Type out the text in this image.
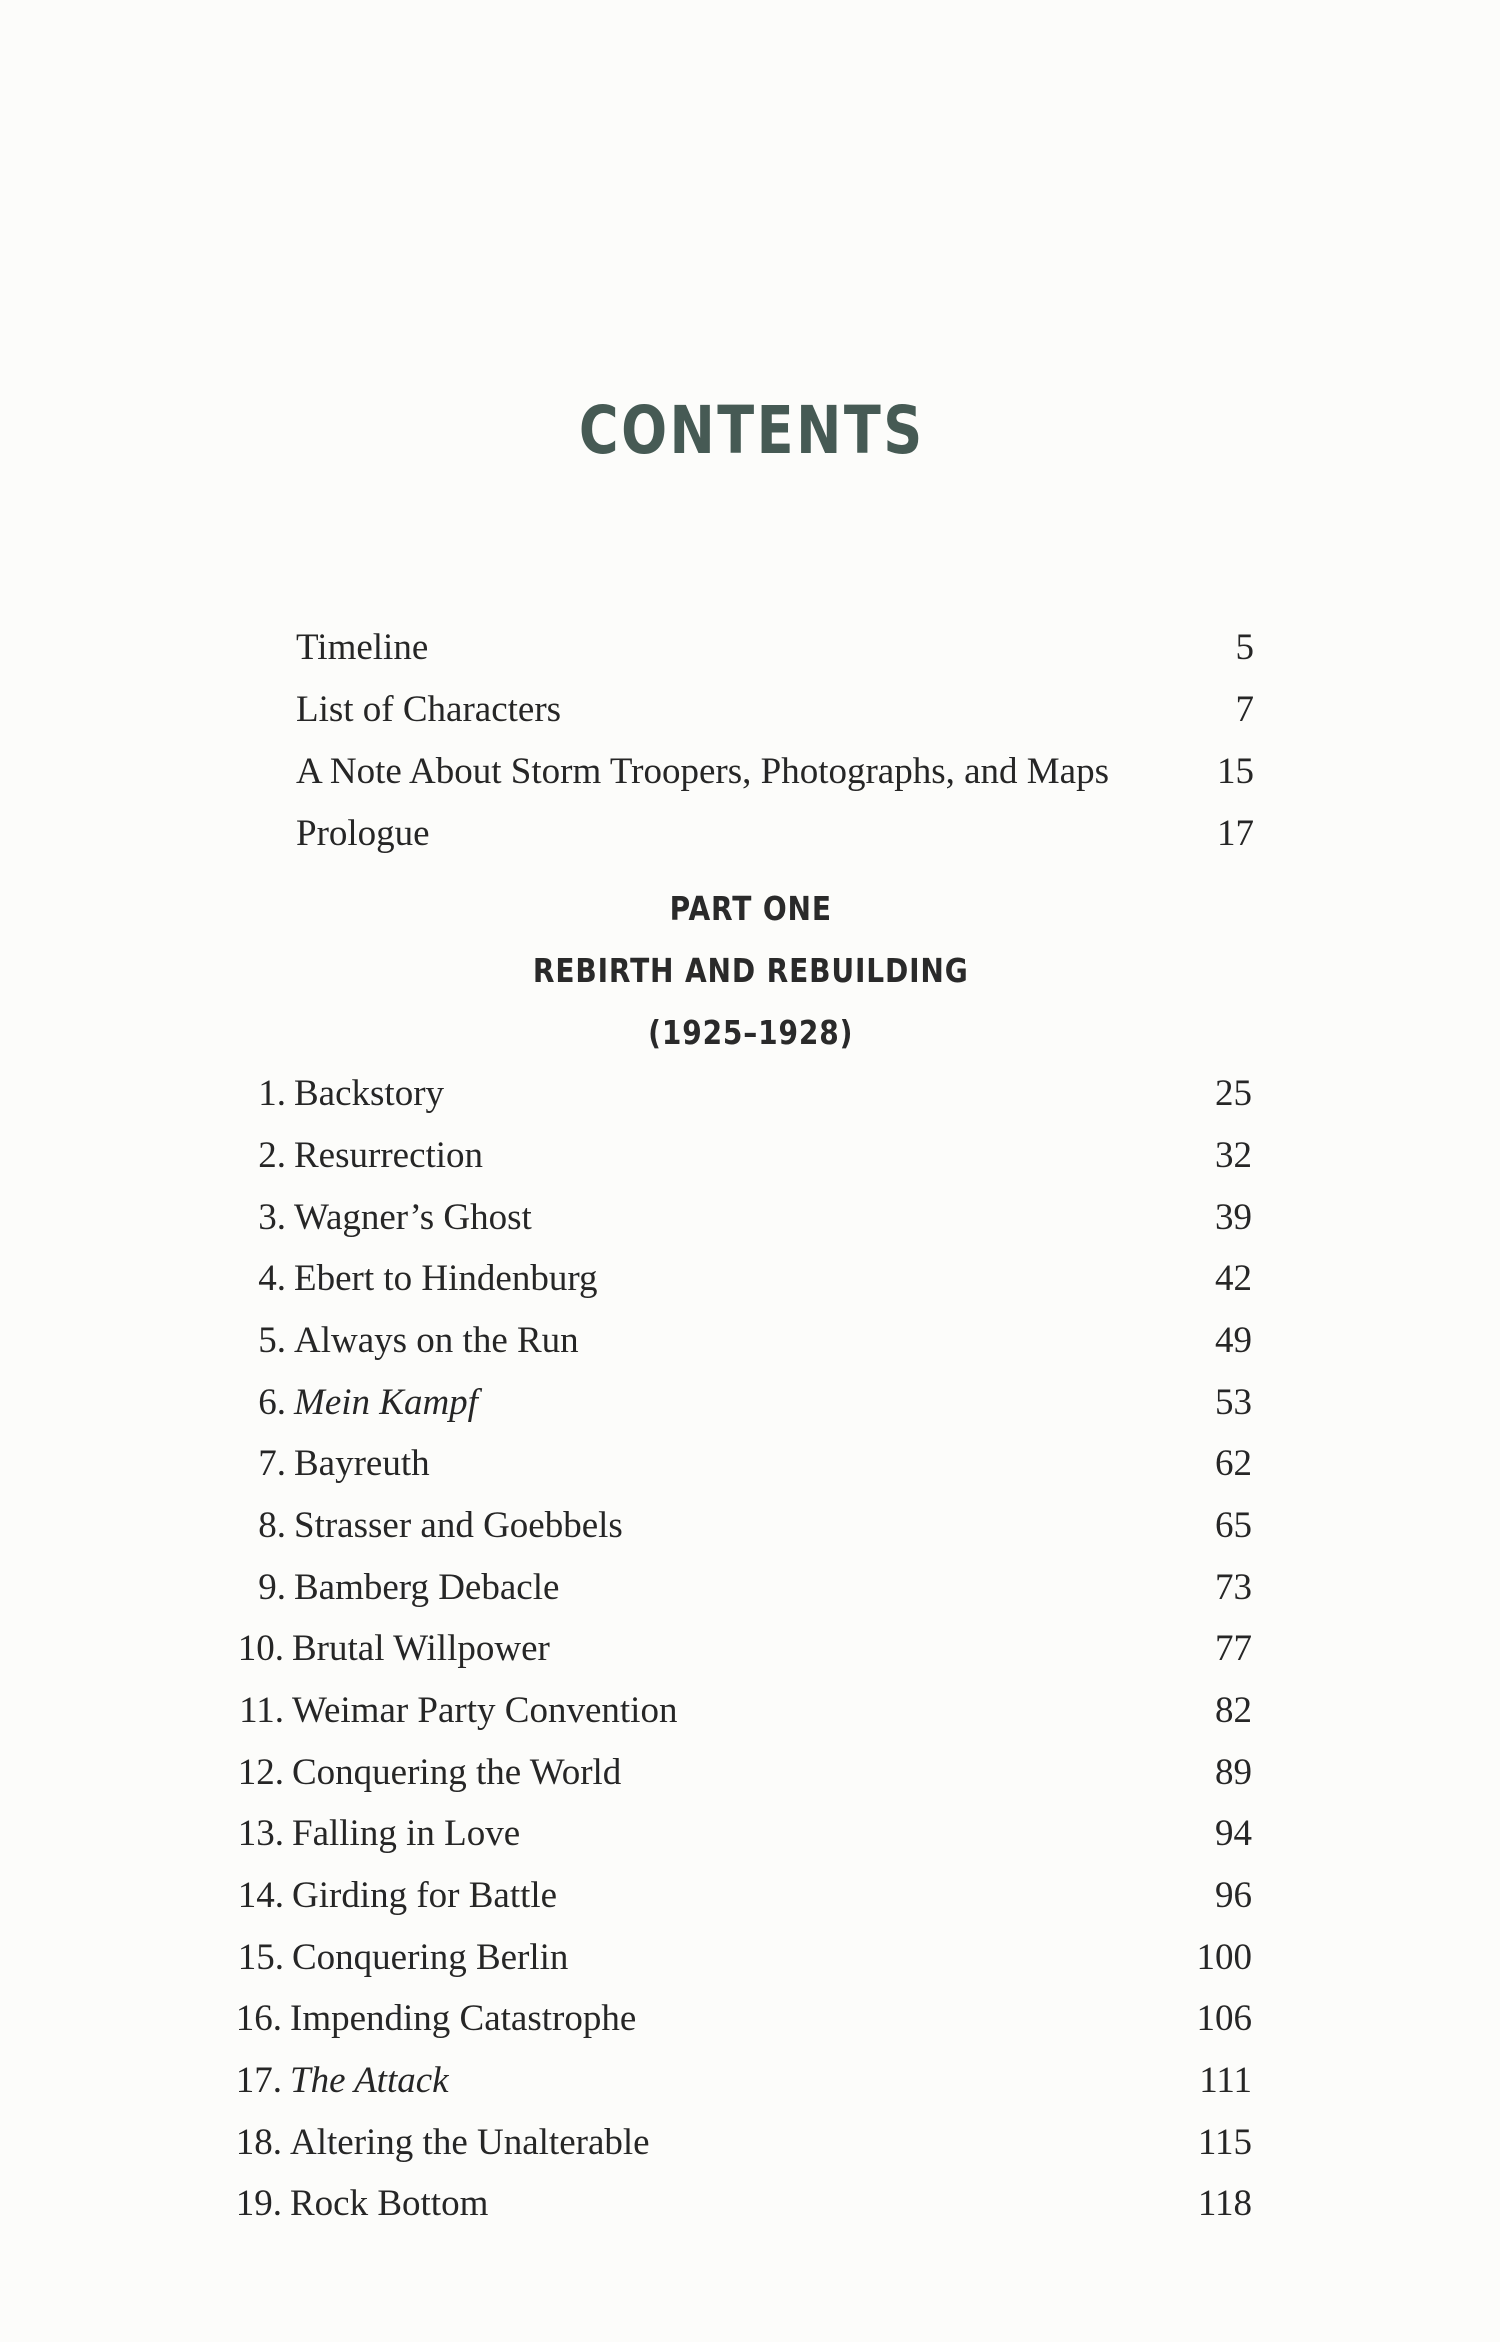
CONTENTS
Timeline	5
List of Characters	7
A Note About Storm Troopers, Photographs, and Maps	15
Prologue	17
PART ONE
REBIRTH AND REBUILDING
(1925–1928)
1. Backstory	25
2. Resurrection	32
3. Wagner’s Ghost	39
4. Ebert to Hindenburg	42
5. Always on the Run	49
6. Mein Kampf	53
7. Bayreuth	62
8. Strasser and Goebbels	65
9. Bamberg Debacle	73
10. Brutal Willpower	77
11. Weimar Party Convention	82
12. Conquering the World	89
13. Falling in Love	94
14. Girding for Battle	96
15. Conquering Berlin	100
16. Impending Catastrophe	106
17. The Attack	111
18. Altering the Unalterable	115
19. Rock Bottom	118
